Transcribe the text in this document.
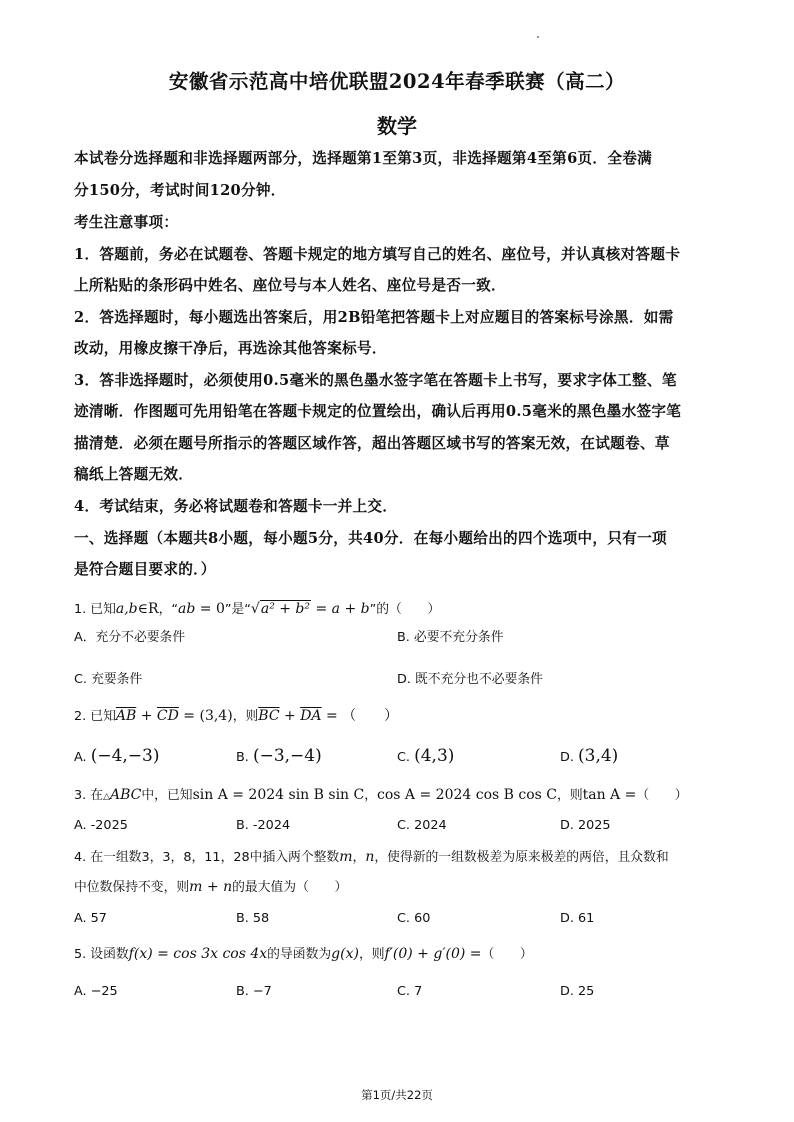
安徽省示范高中培优联盟2024年春季联赛（高二）
数学
本试卷分选择题和非选择题两部分，选择题第1至第3页，非选择题第4至第6页．全卷满
分150分，考试时间120分钟．
考生注意事项：
1．答题前，务必在试题卷、答题卡规定的地方填写自己的姓名、座位号，并认真核对答题卡
上所粘贴的条形码中姓名、座位号与本人姓名、座位号是否一致．
2．答选择题时，每小题选出答案后，用2B铅笔把答题卡上对应题目的答案标号涂黑．如需
改动，用橡皮擦干净后，再选涂其他答案标号．
3．答非选择题时，必须使用0.5毫米的黑色墨水签字笔在答题卡上书写，要求字体工整、笔
迹清晰．作图题可先用铅笔在答题卡规定的位置绘出，确认后再用0.5毫米的黑色墨水签字笔
描清楚．必须在题号所指示的答题区域作答，超出答题区域书写的答案无效，在试题卷、草
稿纸上答题无效．
4．考试结束，务必将试题卷和答题卡一并上交．
一、选择题（本题共8小题，每小题5分，共40分．在每小题给出的四个选项中，只有一项
是符合题目要求的．）
1. 已知a,b∈R，“ab = 0”是“√a² + b² = a + b”的（　　）
A．充分不必要条件	B. 必要不充分条件
C. 充要条件	D. 既不充分也不必要条件
2. 已知$\overline{AB} + \overline{CD} = (3,4)$，则$\overline{BC} + \overline{DA}$ = （　　）
A. (−4,−3)	B. (−3,−4)	C. (4,3)	D. (3,4)
3. 在△ABC中，已知sin A = 2024 sin B sin C，cos A = 2024 cos B cos C，则tan A =（　　）
A. -2025	B. -2024	C. 2024	D. 2025
4. 在一组数3，3，8，11，28中插入两个整数m，n，使得新的一组数极差为原来极差的两倍，且众数和
中位数保持不变，则m + n的最大值为（　　）
A. 57	B. 58	C. 60	D. 61
5. 设函数f(x) = cos 3x cos 4x的导函数为g(x)，则f′(0) + g′(0) =（　　）
A. −25	B. −7	C. 7	D. 25
第1页/共22页
